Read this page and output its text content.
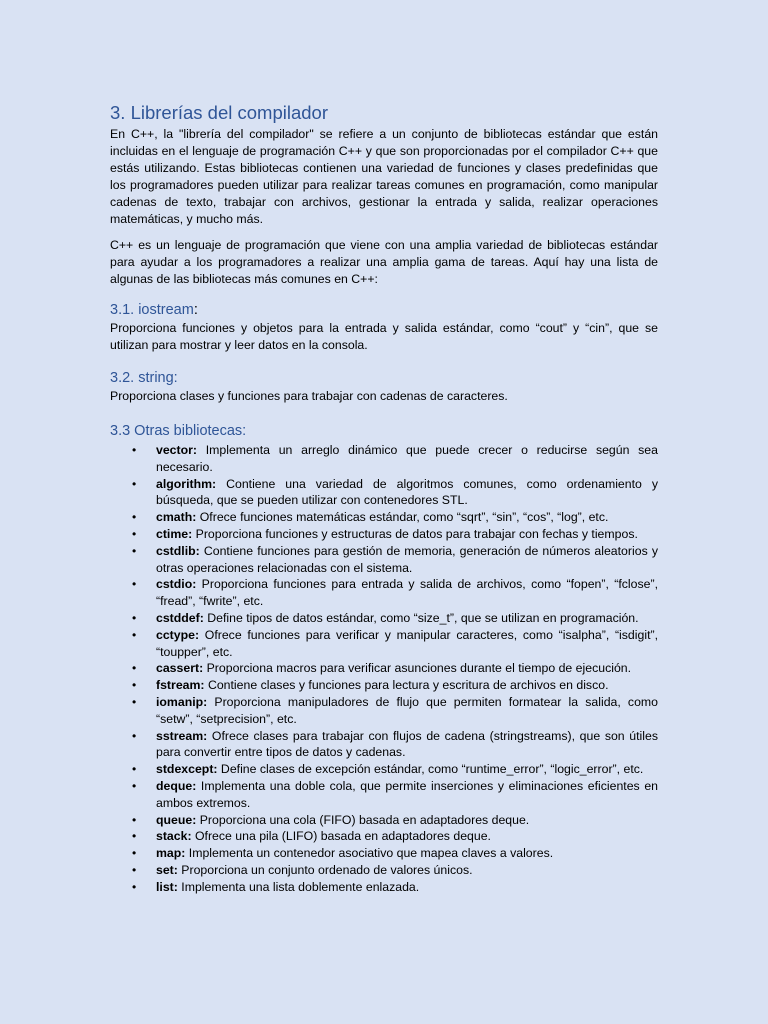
3. Librerías del compilador

En C++, la "librería del compilador" se refiere a un conjunto de bibliotecas estándar que están incluidas en el lenguaje de programación C++ y que son proporcionadas por el compilador C++ que estás utilizando. Estas bibliotecas contienen una variedad de funciones y clases predefinidas que los programadores pueden utilizar para realizar tareas comunes en programación, como manipular cadenas de texto, trabajar con archivos, gestionar la entrada y salida, realizar operaciones matemáticas, y mucho más.

C++ es un lenguaje de programación que viene con una amplia variedad de bibliotecas estándar para ayudar a los programadores a realizar una amplia gama de tareas. Aquí hay una lista de algunas de las bibliotecas más comunes en C++:

3.1. iostream:

Proporciona funciones y objetos para la entrada y salida estándar, como “cout” y “cin”, que se utilizan para mostrar y leer datos en la consola.

3.2. string:

Proporciona clases y funciones para trabajar con cadenas de caracteres.

3.3 Otras bibliotecas:
• vector: Implementa un arreglo dinámico que puede crecer o reducirse según sea necesario.
• algorithm: Contiene una variedad de algoritmos comunes, como ordenamiento y búsqueda, que se pueden utilizar con contenedores STL.
• cmath: Ofrece funciones matemáticas estándar, como “sqrt”, “sin”, “cos”, “log”, etc.
• ctime: Proporciona funciones y estructuras de datos para trabajar con fechas y tiempos.
• cstdlib: Contiene funciones para gestión de memoria, generación de números aleatorios y otras operaciones relacionadas con el sistema.
• cstdio: Proporciona funciones para entrada y salida de archivos, como “fopen”, “fclose”, “fread”, “fwrite”, etc.
• cstddef: Define tipos de datos estándar, como “size_t”, que se utilizan en programación.
• cctype: Ofrece funciones para verificar y manipular caracteres, como “isalpha”, “isdigit”, “toupper”, etc.
• cassert: Proporciona macros para verificar asunciones durante el tiempo de ejecución.
• fstream: Contiene clases y funciones para lectura y escritura de archivos en disco.
• iomanip: Proporciona manipuladores de flujo que permiten formatear la salida, como “setw”, “setprecision”, etc.
• sstream: Ofrece clases para trabajar con flujos de cadena (stringstreams), que son útiles para convertir entre tipos de datos y cadenas.
• stdexcept: Define clases de excepción estándar, como “runtime_error”, “logic_error”, etc.
• deque: Implementa una doble cola, que permite inserciones y eliminaciones eficientes en ambos extremos.
• queue: Proporciona una cola (FIFO) basada en adaptadores deque.
• stack: Ofrece una pila (LIFO) basada en adaptadores deque.
• map: Implementa un contenedor asociativo que mapea claves a valores.
• set: Proporciona un conjunto ordenado de valores únicos.
• list: Implementa una lista doblemente enlazada.
